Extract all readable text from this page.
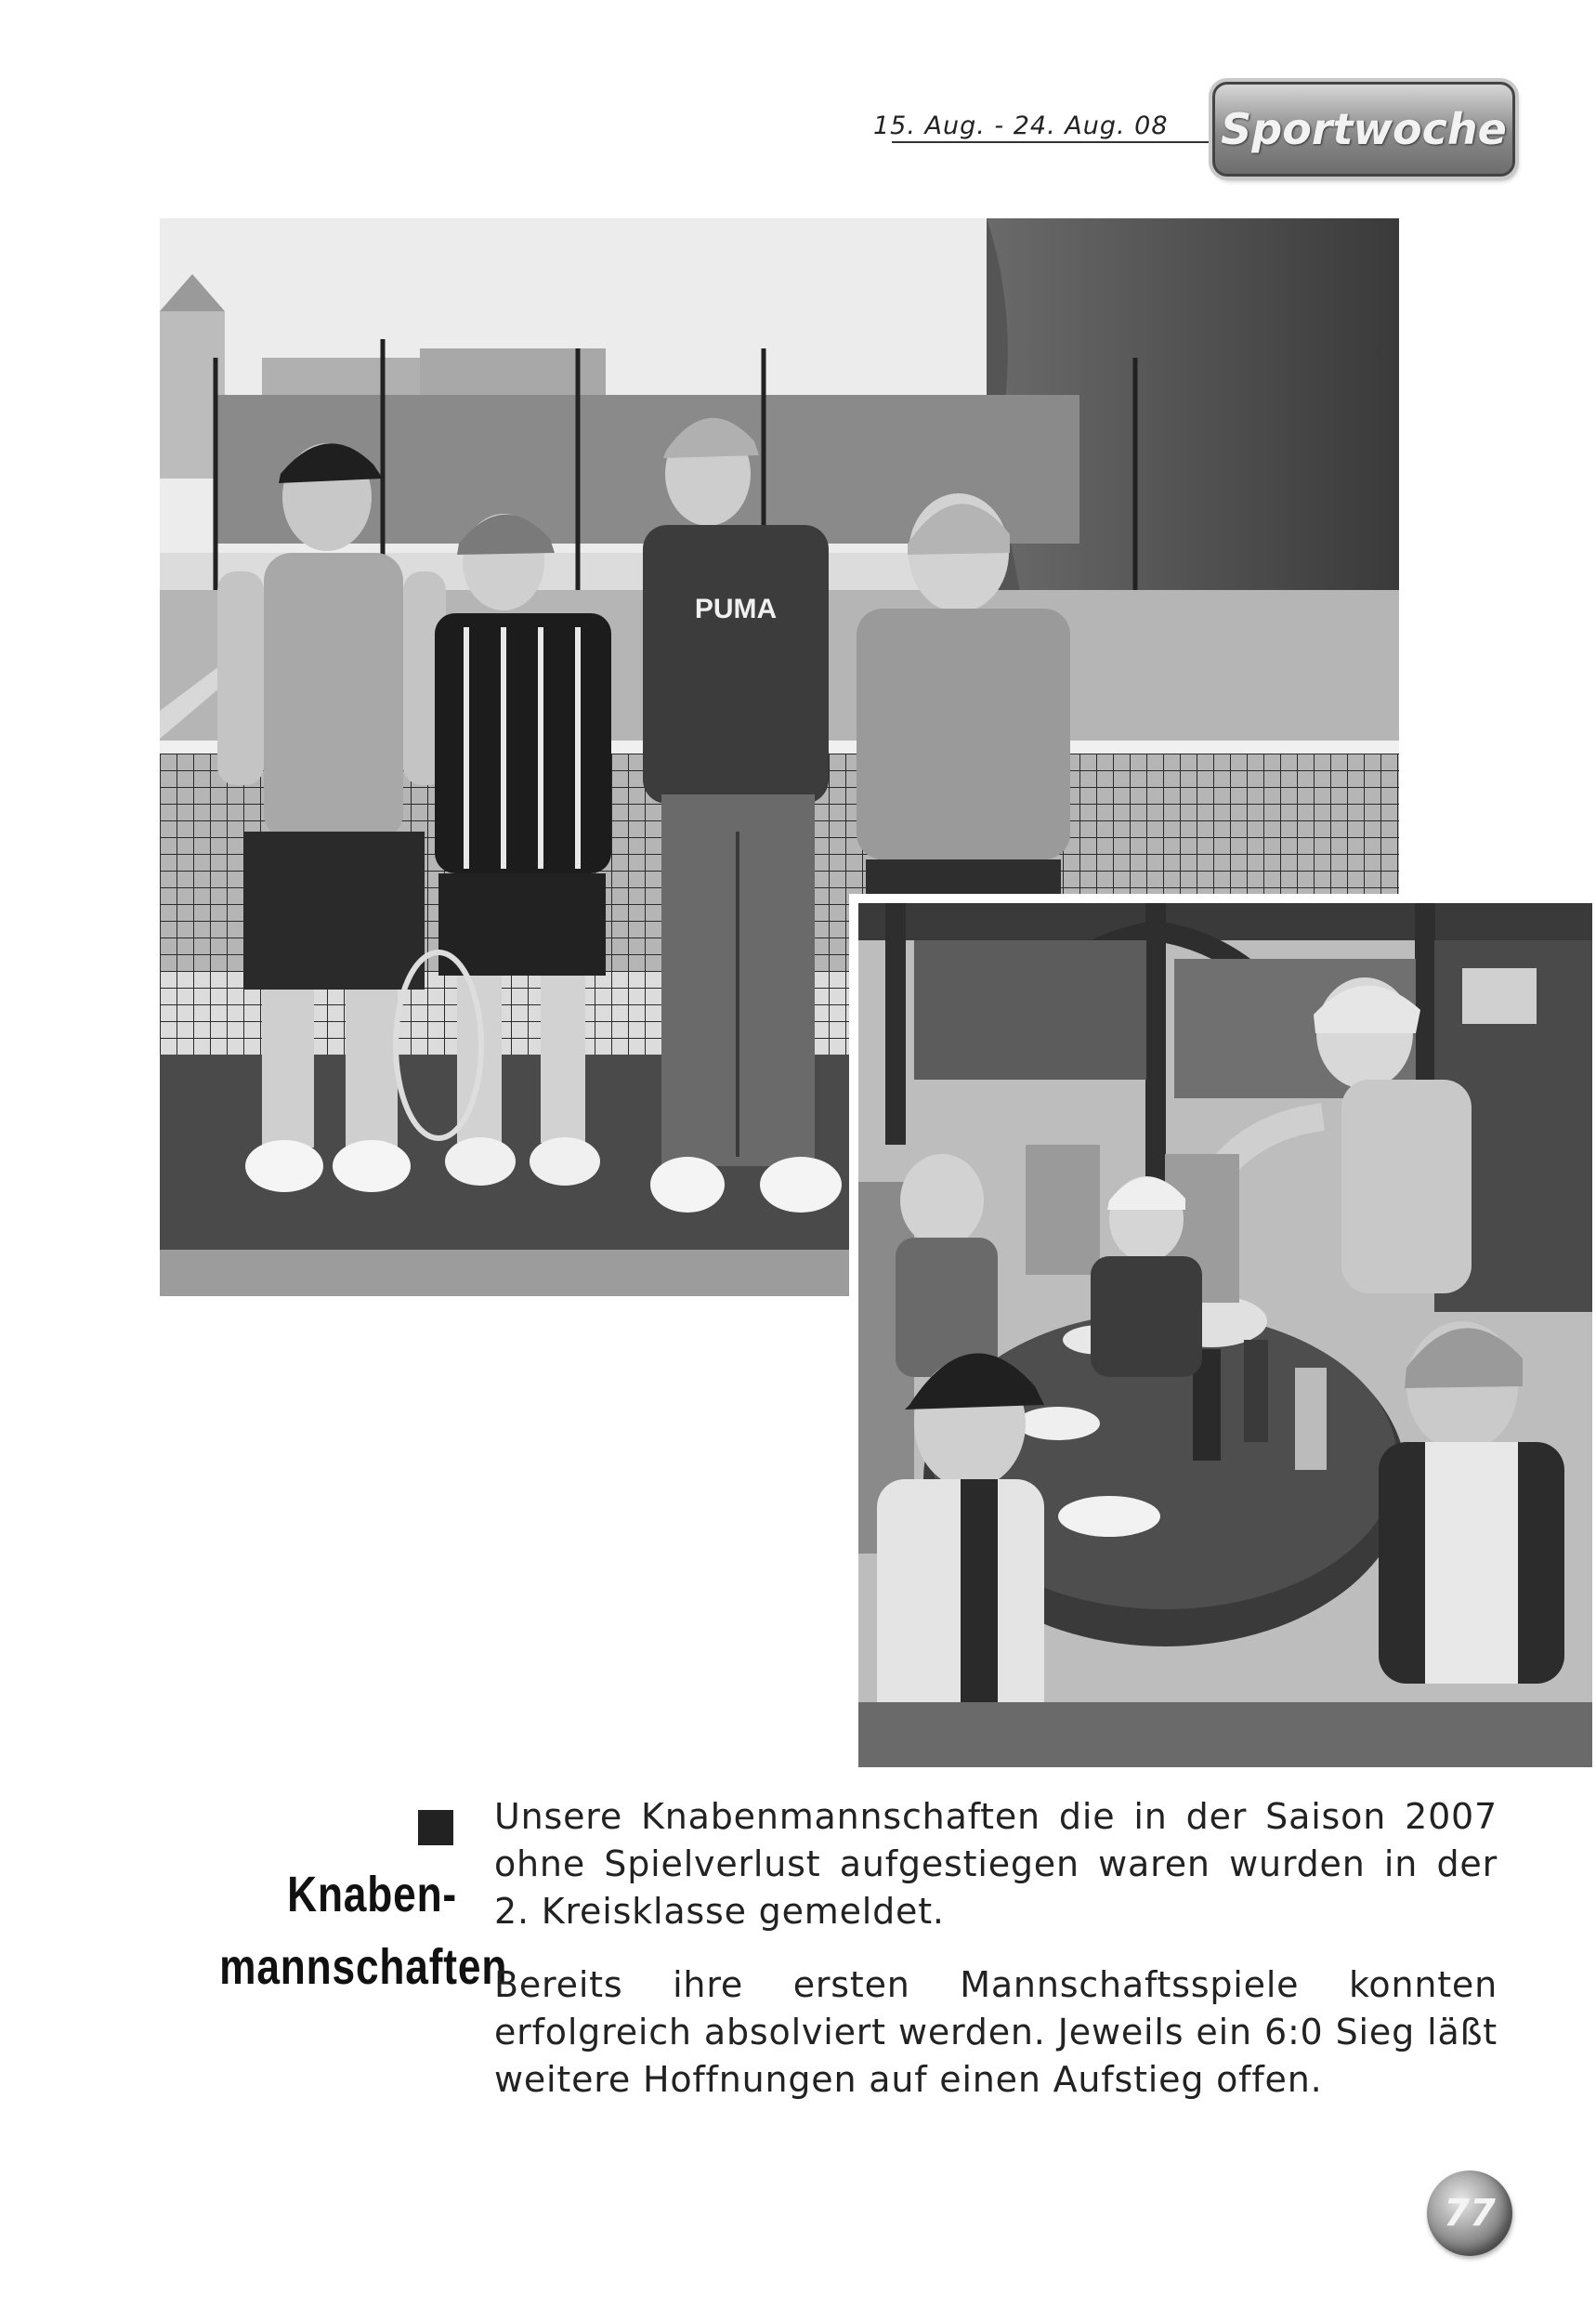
15. Aug. - 24. Aug. 08 Sportwoche
PUMA
Knaben-
mannschaften

Unsere Knabenmannschaften die in der Saison 2007 ohne Spielverlust aufgestiegen waren wurden in der 2. Kreisklasse gemeldet.

Bereits ihre ersten Mannschaftsspiele konnten erfolgreich absolviert werden. Jeweils ein 6:0 Sieg läßt weitere Hoffnungen auf einen Aufstieg offen.

77
